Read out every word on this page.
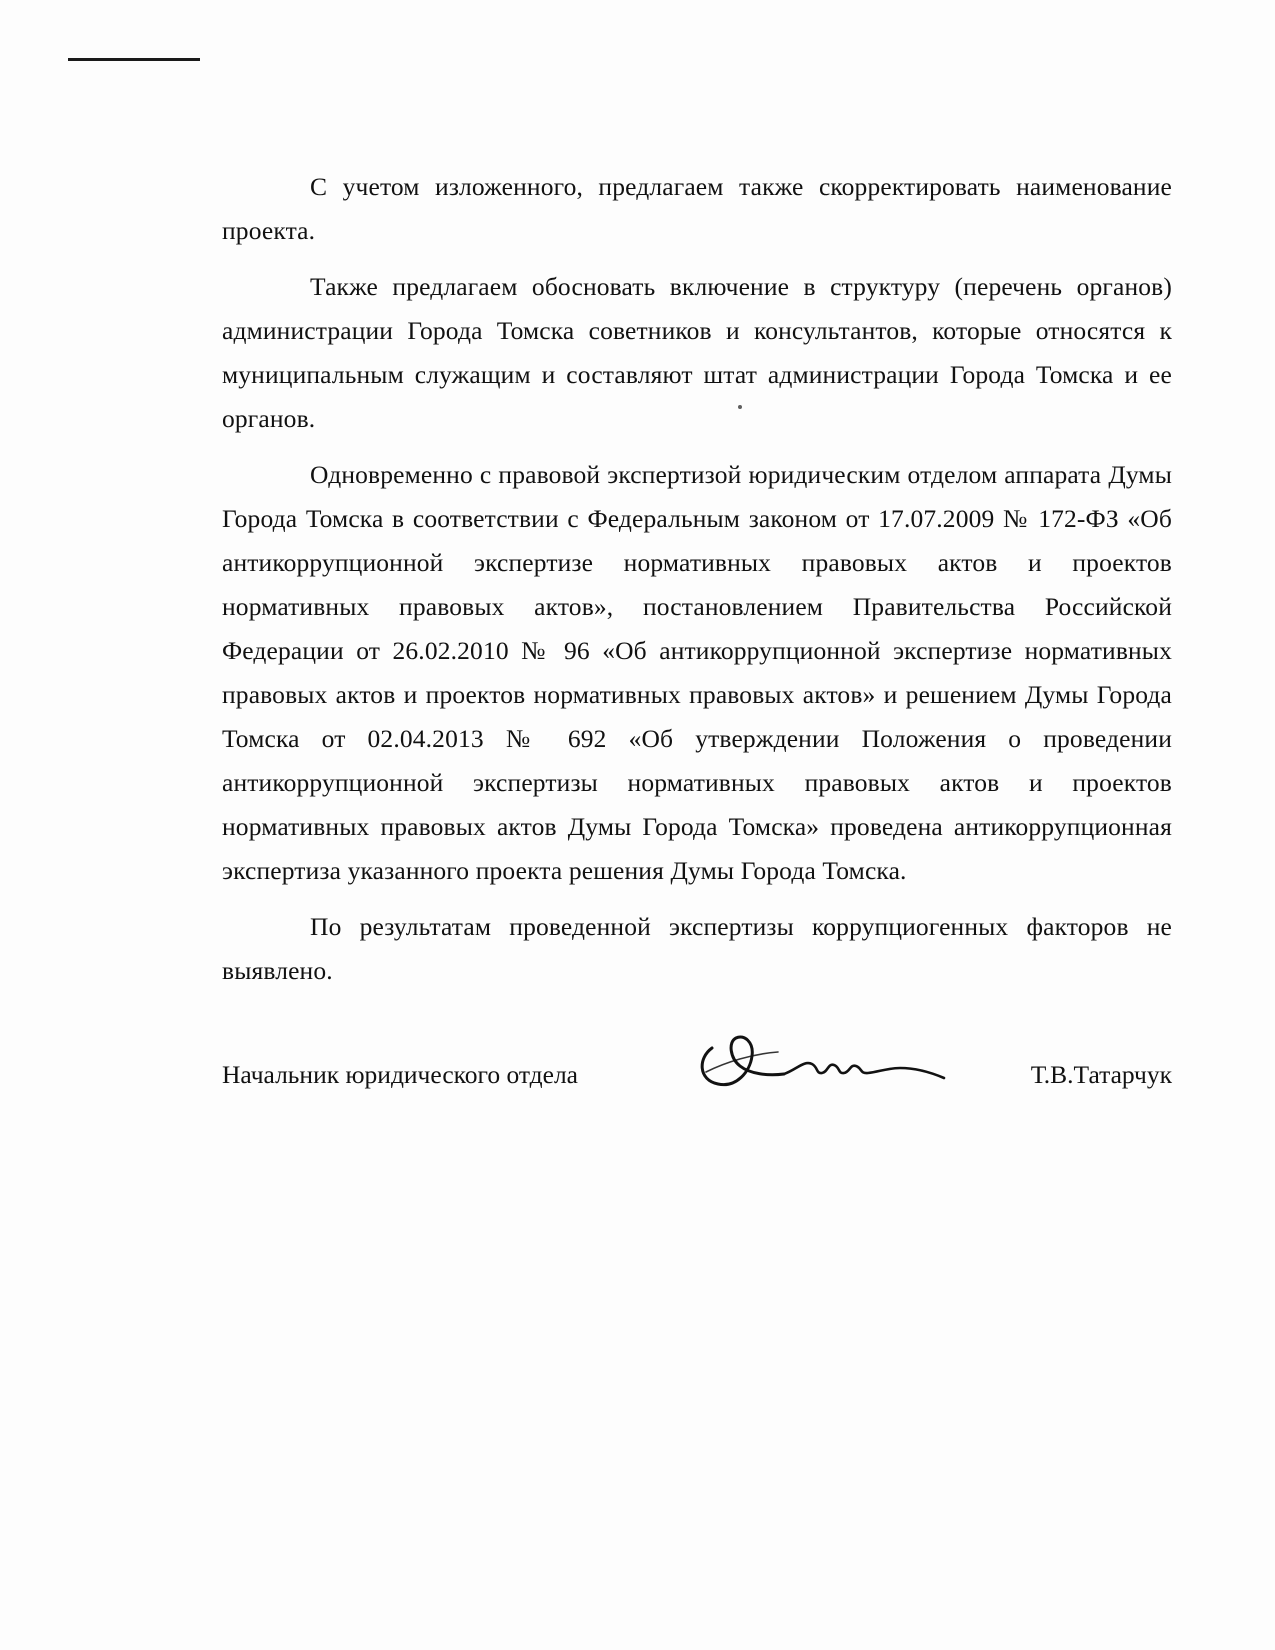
С учетом изложенного, предлагаем также скорректировать наименование проекта.

Также предлагаем обосновать включение в структуру (перечень органов) администрации Города Томска советников и консультантов, которые относятся к муниципальным служащим и составляют штат администрации Города Томска и ее органов.

Одновременно с правовой экспертизой юридическим отделом аппарата Думы Города Томска в соответствии с Федеральным законом от 17.07.2009 № 172-ФЗ «Об антикоррупционной экспертизе нормативных правовых актов и проектов нормативных правовых актов», постановлением Правительства Российской Федерации от 26.02.2010 № 96 «Об антикоррупционной экспертизе нормативных правовых актов и проектов нормативных правовых актов» и решением Думы Города Томска от 02.04.2013 № 692 «Об утверждении Положения о проведении антикоррупционной экспертизы нормативных правовых актов и проектов нормативных правовых актов Думы Города Томска» проведена антикоррупционная экспертиза указанного проекта решения Думы Города Томска.

По результатам проведенной экспертизы коррупциогенных факторов не выявлено.

Начальник юридического отдела	Т.В.Татарчук
